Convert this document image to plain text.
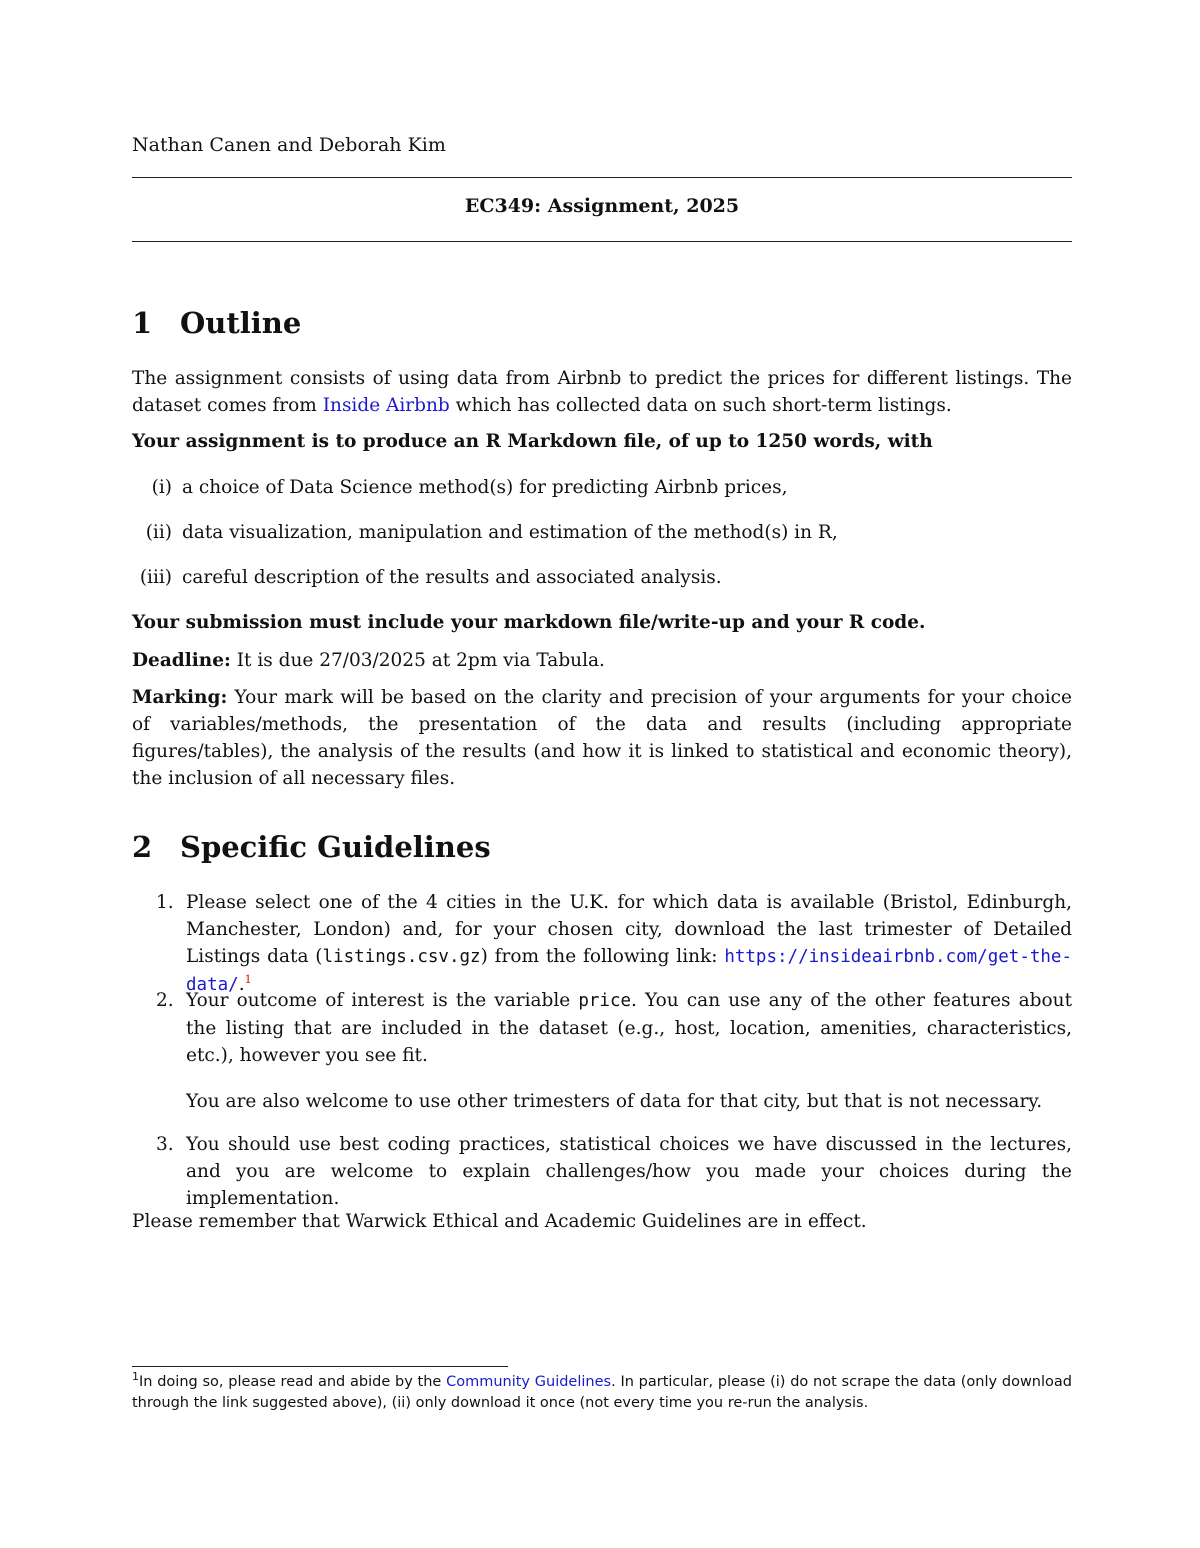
Nathan Canen and Deborah Kim
EC349: Assignment, 2025
1 Outline
The assignment consists of using data from Airbnb to predict the prices for different listings. The dataset comes from Inside Airbnb which has collected data on such short-term listings.
Your assignment is to produce an R Markdown file, of up to 1250 words, with
(i) a choice of Data Science method(s) for predicting Airbnb prices,
(ii) data visualization, manipulation and estimation of the method(s) in R,
(iii) careful description of the results and associated analysis.
Your submission must include your markdown file/write-up and your R code.
Deadline: It is due 27/03/2025 at 2pm via Tabula.
Marking: Your mark will be based on the clarity and precision of your arguments for your choice of variables/methods, the presentation of the data and results (including appropriate figures/tables), the analysis of the results (and how it is linked to statistical and economic theory), the inclusion of all necessary files.
2 Specific Guidelines
1. Please select one of the 4 cities in the U.K. for which data is available (Bristol, Edinburgh, Manchester, London) and, for your chosen city, download the last trimester of Detailed Listings data (listings.csv.gz) from the following link: https://insideairbnb.com/get-the-data/.$^1$
2. Your outcome of interest is the variable price. You can use any of the other features about the listing that are included in the dataset (e.g., host, location, amenities, characteristics, etc.), however you see fit.
You are also welcome to use other trimesters of data for that city, but that is not necessary.
3. You should use best coding practices, statistical choices we have discussed in the lectures, and you are welcome to explain challenges/how you made your choices during the implementation.
Please remember that Warwick Ethical and Academic Guidelines are in effect.
$^1$In doing so, please read and abide by the Community Guidelines. In particular, please (i) do not scrape the data (only download through the link suggested above), (ii) only download it once (not every time you re-run the analysis.
